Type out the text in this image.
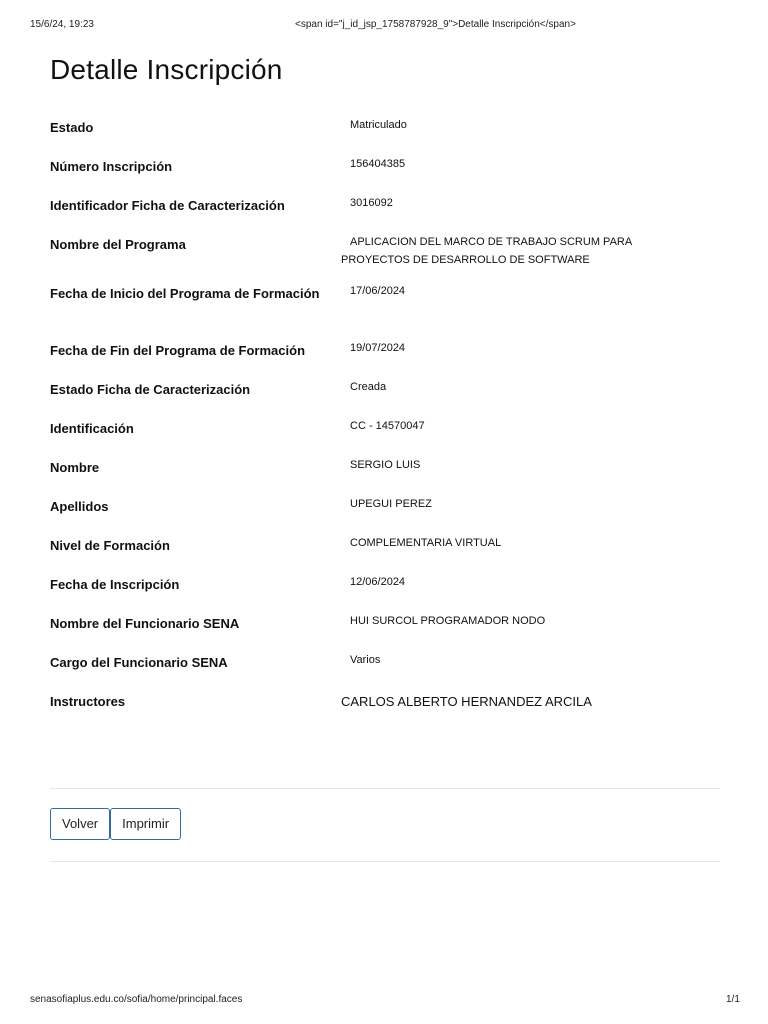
15/6/24, 19:23	<span id="j_id_jsp_1758787928_9">Detalle Inscripción</span>
Detalle Inscripción
Estado	Matriculado
Número Inscripción	156404385
Identificador Ficha de Caracterización	3016092
Nombre del Programa	APLICACION DEL MARCO DE TRABAJO SCRUM PARA PROYECTOS DE DESARROLLO DE SOFTWARE
Fecha de Inicio del Programa de Formación	17/06/2024
Fecha de Fin del Programa de Formación	19/07/2024
Estado Ficha de Caracterización	Creada
Identificación	CC - 14570047
Nombre	SERGIO LUIS
Apellidos	UPEGUI PEREZ
Nivel de Formación	COMPLEMENTARIA VIRTUAL
Fecha de Inscripción	12/06/2024
Nombre del Funcionario SENA	HUI SURCOL PROGRAMADOR NODO
Cargo del Funcionario SENA	Varios
Instructores	CARLOS ALBERTO HERNANDEZ ARCILA
Volver	Imprimir
senasofiaplus.edu.co/sofia/home/principal.faces	1/1
